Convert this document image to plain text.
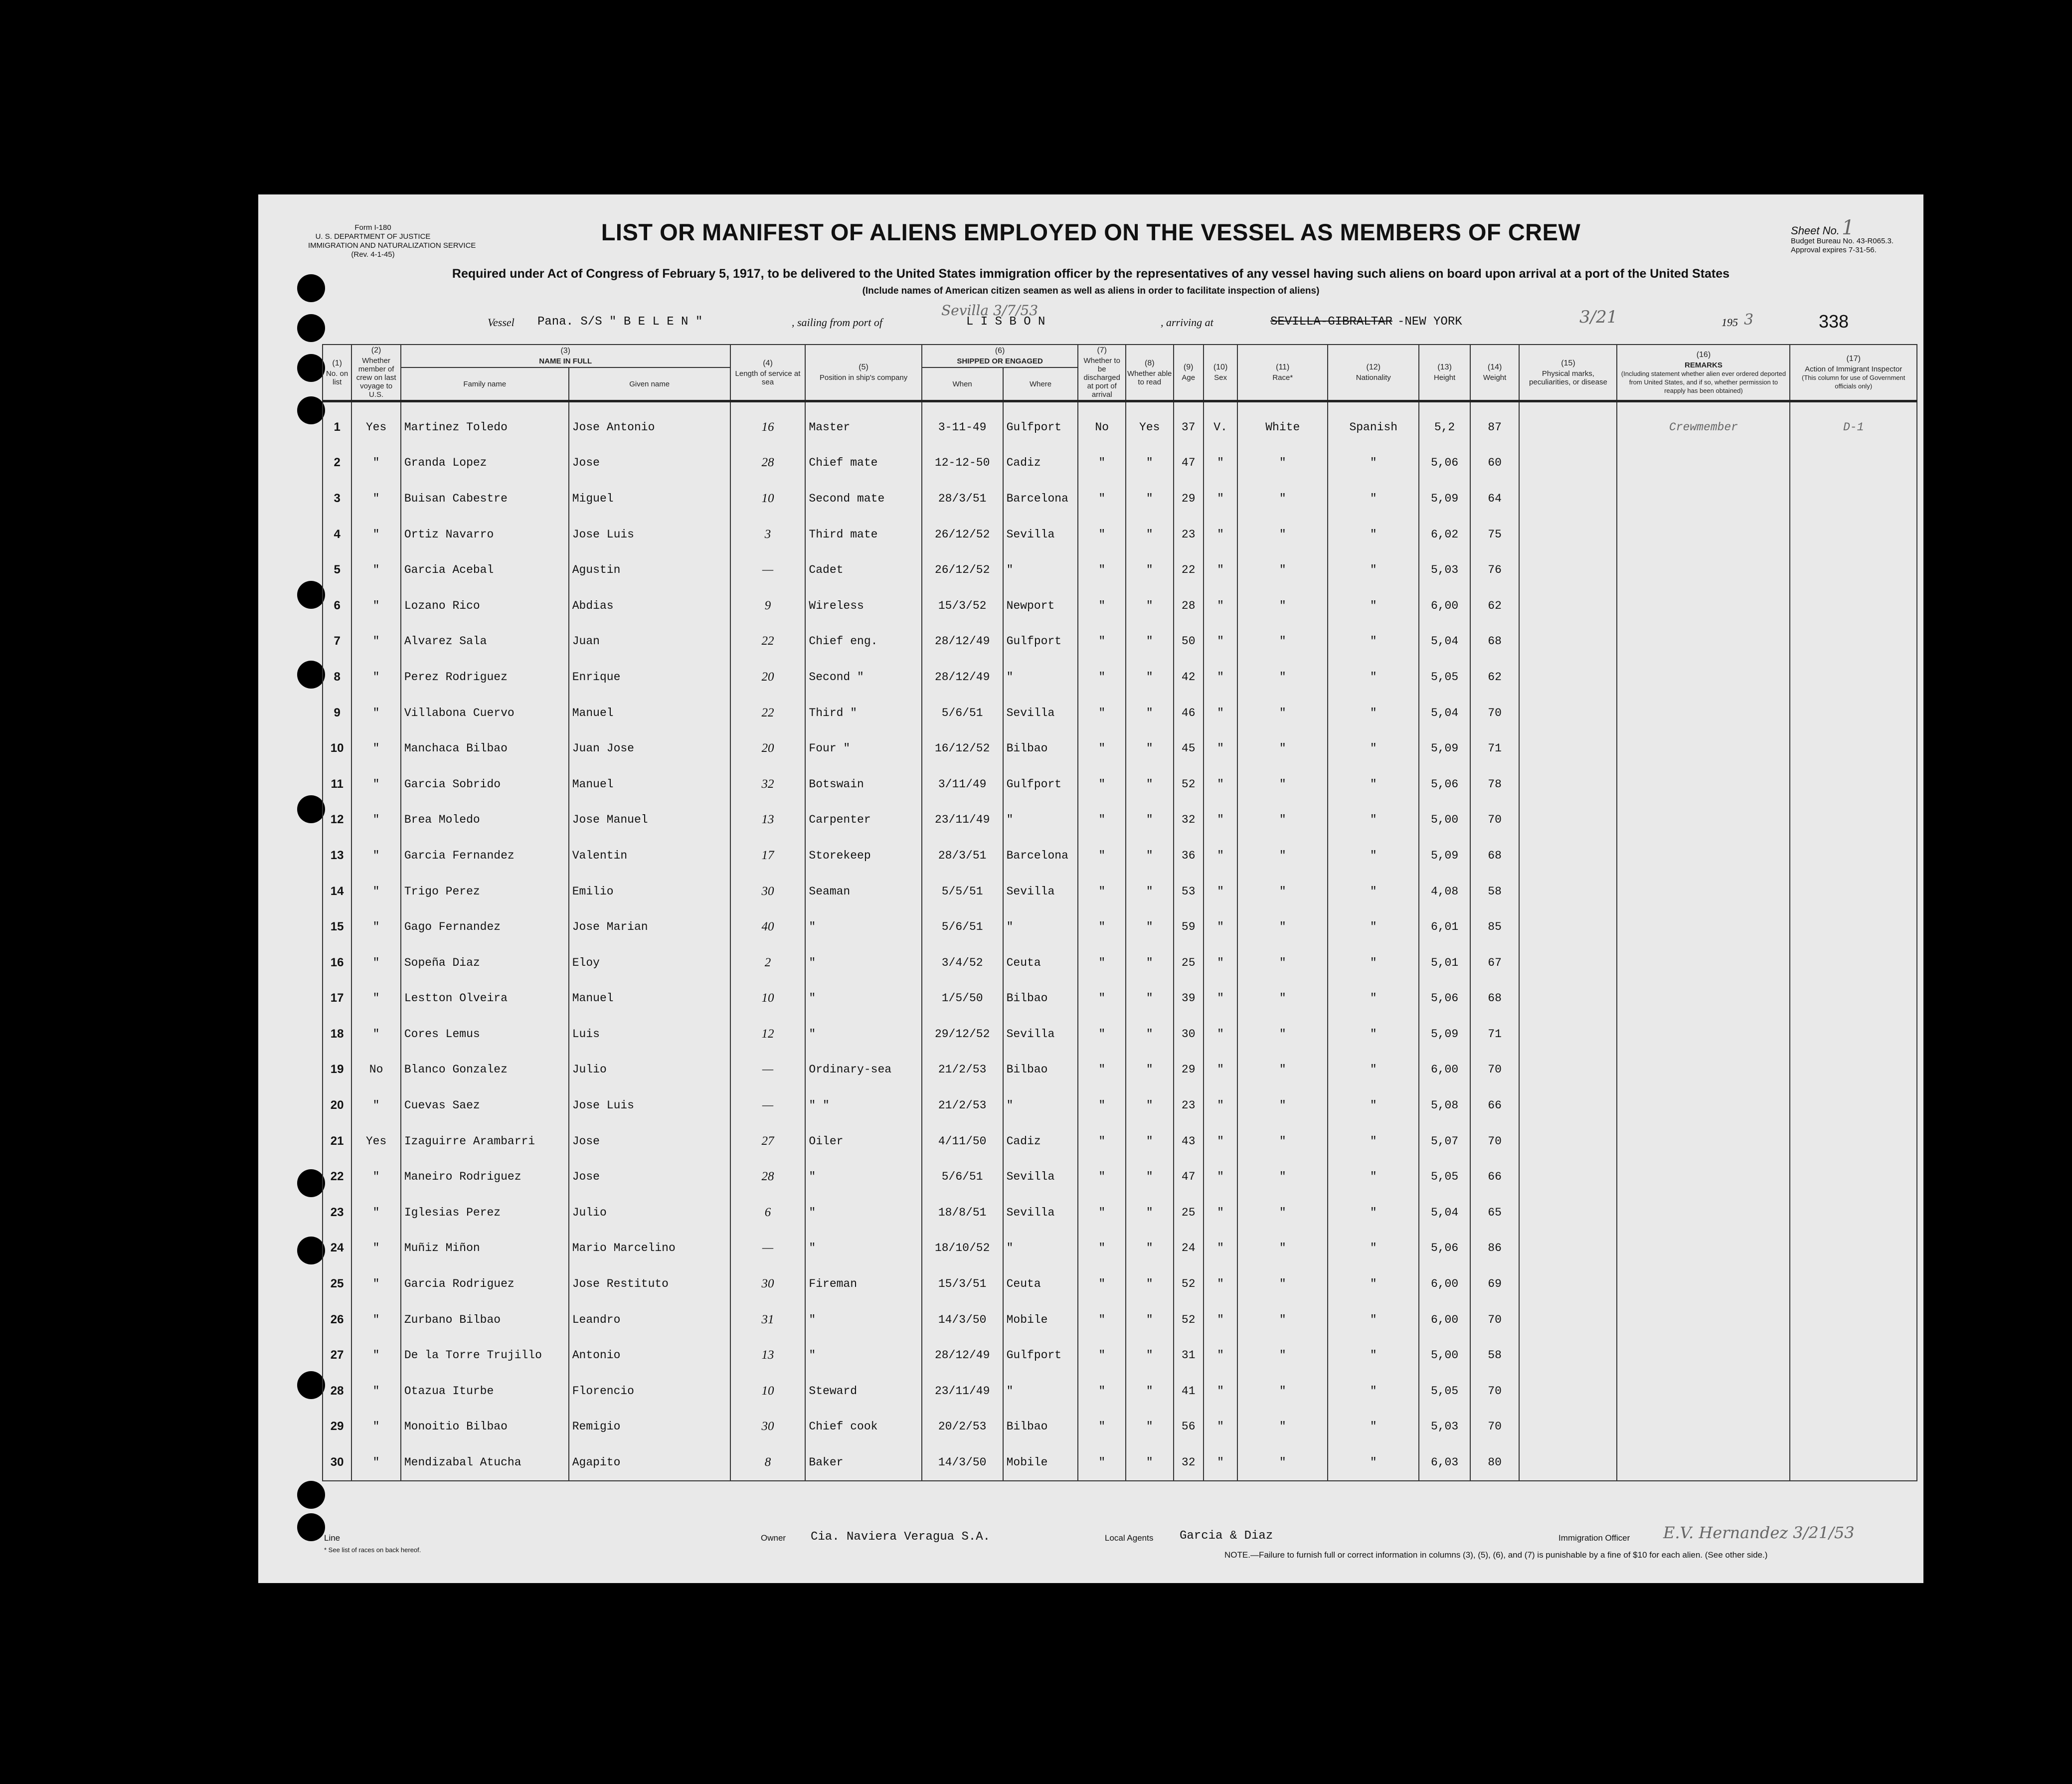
Form I-180
U. S. DEPARTMENT OF JUSTICE
IMMIGRATION AND NATURALIZATION SERVICE
(Rev. 4-1-45)
LIST OR MANIFEST OF ALIENS EMPLOYED ON THE VESSEL AS MEMBERS OF CREW	Sheet No. 1
Budget Bureau No. 43-R065.3.
Approval expires 7-31-56.
Required under Act of Congress of February 5, 1917, to be delivered to the United States immigration officer by the representatives of any vessel having such aliens on board upon arrival at a port of the United States
(Include names of American citizen seamen as well as aliens in order to facilitate inspection of aliens)
Vessel Pana. S/S " B E L E N "	, sailing from port of
Sevilla 3/7/53
L I S B O N	, arriving at	SEVILLA-GIBRALTAR -NEW YORK	3/21	195 3	338
(1)
No. on list	(2)
Whether member of crew on last voyage to U.S.	(3)
NAME IN FULL		(4)
Length of service at sea	(5)
Position in ship's company	(6)
SHIPPED OR ENGAGED		(7)
Whether to be discharged at port of arrival	(8)
Whether able to read	(9)
Age	(10)
Sex	(11)
Race*	(12)
Nationality	(13)
Height	(14)
Weight	(15)
Physical marks, peculiarities, or disease	(16)
REMARKS
(Including statement whether alien ever ordered deported from United States, and if so, whether permission to reapply has been obtained)	(17)
Action of Immigrant Inspector
(This column for use of Government officials only)
		Family name	Given name			When	Where											

1	Yes	Martinez Toledo	Jose Antonio	16	Master	3-11-49	Gulfport	No	Yes	37	V.	White	Spanish	5,2	87		Crewmember	D-1
2	"	Granda Lopez	Jose	28	Chief mate	12-12-50	Cadiz	"	"	47	"	"	"	5,06	60			
3	"	Buisan Cabestre	Miguel	10	Second mate	28/3/51	Barcelona	"	"	29	"	"	"	5,09	64			
4	"	Ortiz Navarro	Jose Luis	3	Third mate	26/12/52	Sevilla	"	"	23	"	"	"	6,02	75			
5	"	Garcia Acebal	Agustin	—	Cadet	26/12/52	"	"	"	22	"	"	"	5,03	76			
6	"	Lozano Rico	Abdias	9	Wireless	15/3/52	Newport	"	"	28	"	"	"	6,00	62			
7	"	Alvarez Sala	Juan	22	Chief eng.	28/12/49	Gulfport	"	"	50	"	"	"	5,04	68			
8	"	Perez Rodriguez	Enrique	20	Second "	28/12/49	"	"	"	42	"	"	"	5,05	62			
9	"	Villabona Cuervo	Manuel	22	Third "	5/6/51	Sevilla	"	"	46	"	"	"	5,04	70			
10	"	Manchaca Bilbao	Juan Jose	20	Four "	16/12/52	Bilbao	"	"	45	"	"	"	5,09	71			
11	"	Garcia Sobrido	Manuel	32	Botswain	3/11/49	Gulfport	"	"	52	"	"	"	5,06	78			
12	"	Brea Moledo	Jose Manuel	13	Carpenter	23/11/49	"	"	"	32	"	"	"	5,00	70			
13	"	Garcia Fernandez	Valentin	17	Storekeep	28/3/51	Barcelona	"	"	36	"	"	"	5,09	68			
14	"	Trigo Perez	Emilio	30	Seaman	5/5/51	Sevilla	"	"	53	"	"	"	4,08	58			
15	"	Gago Fernandez	Jose Marian	40	"	5/6/51	"	"	"	59	"	"	"	6,01	85			
16	"	Sopeña Diaz	Eloy	2	"	3/4/52	Ceuta	"	"	25	"	"	"	5,01	67			
17	"	Lestton Olveira	Manuel	10	"	1/5/50	Bilbao	"	"	39	"	"	"	5,06	68			
18	"	Cores Lemus	Luis	12	"	29/12/52	Sevilla	"	"	30	"	"	"	5,09	71			
19	No	Blanco Gonzalez	Julio	—	Ordinary-sea	21/2/53	Bilbao	"	"	29	"	"	"	6,00	70			
20	"	Cuevas Saez	Jose Luis	—	" "	21/2/53	"	"	"	23	"	"	"	5,08	66			
21	Yes	Izaguirre Arambarri	Jose	27	Oiler	4/11/50	Cadiz	"	"	43	"	"	"	5,07	70			
22	"	Maneiro Rodriguez	Jose	28	"	5/6/51	Sevilla	"	"	47	"	"	"	5,05	66			
23	"	Iglesias Perez	Julio	6	"	18/8/51	Sevilla	"	"	25	"	"	"	5,04	65			
24	"	Muñiz Miñon	Mario Marcelino	—	"	18/10/52	"	"	"	24	"	"	"	5,06	86			
25	"	Garcia Rodriguez	Jose Restituto	30	Fireman	15/3/51	Ceuta	"	"	52	"	"	"	6,00	69			
26	"	Zurbano Bilbao	Leandro	31	"	14/3/50	Mobile	"	"	52	"	"	"	6,00	70			
27	"	De la Torre Trujillo	Antonio	13	"	28/12/49	Gulfport	"	"	31	"	"	"	5,00	58			
28	"	Otazua Iturbe	Florencio	10	Steward	23/11/49	"	"	"	41	"	"	"	5,05	70			
29	"	Monoitio Bilbao	Remigio	30	Chief cook	20/2/53	Bilbao	"	"	56	"	"	"	5,03	70			
30	"	Mendizabal Atucha	Agapito	8	Baker	14/3/50	Mobile	"	"	32	"	"	"	6,03	80			
Line
* See list of races on back hereof.
Owner Cia. Naviera Veragua S.A.	Local Agents Garcia & Diaz	Immigration Officer E.V. Hernandez 3/21/53
NOTE.—Failure to furnish full or correct information in columns (3), (5), (6), and (7) is punishable by a fine of $10 for each alien. (See other side.)
